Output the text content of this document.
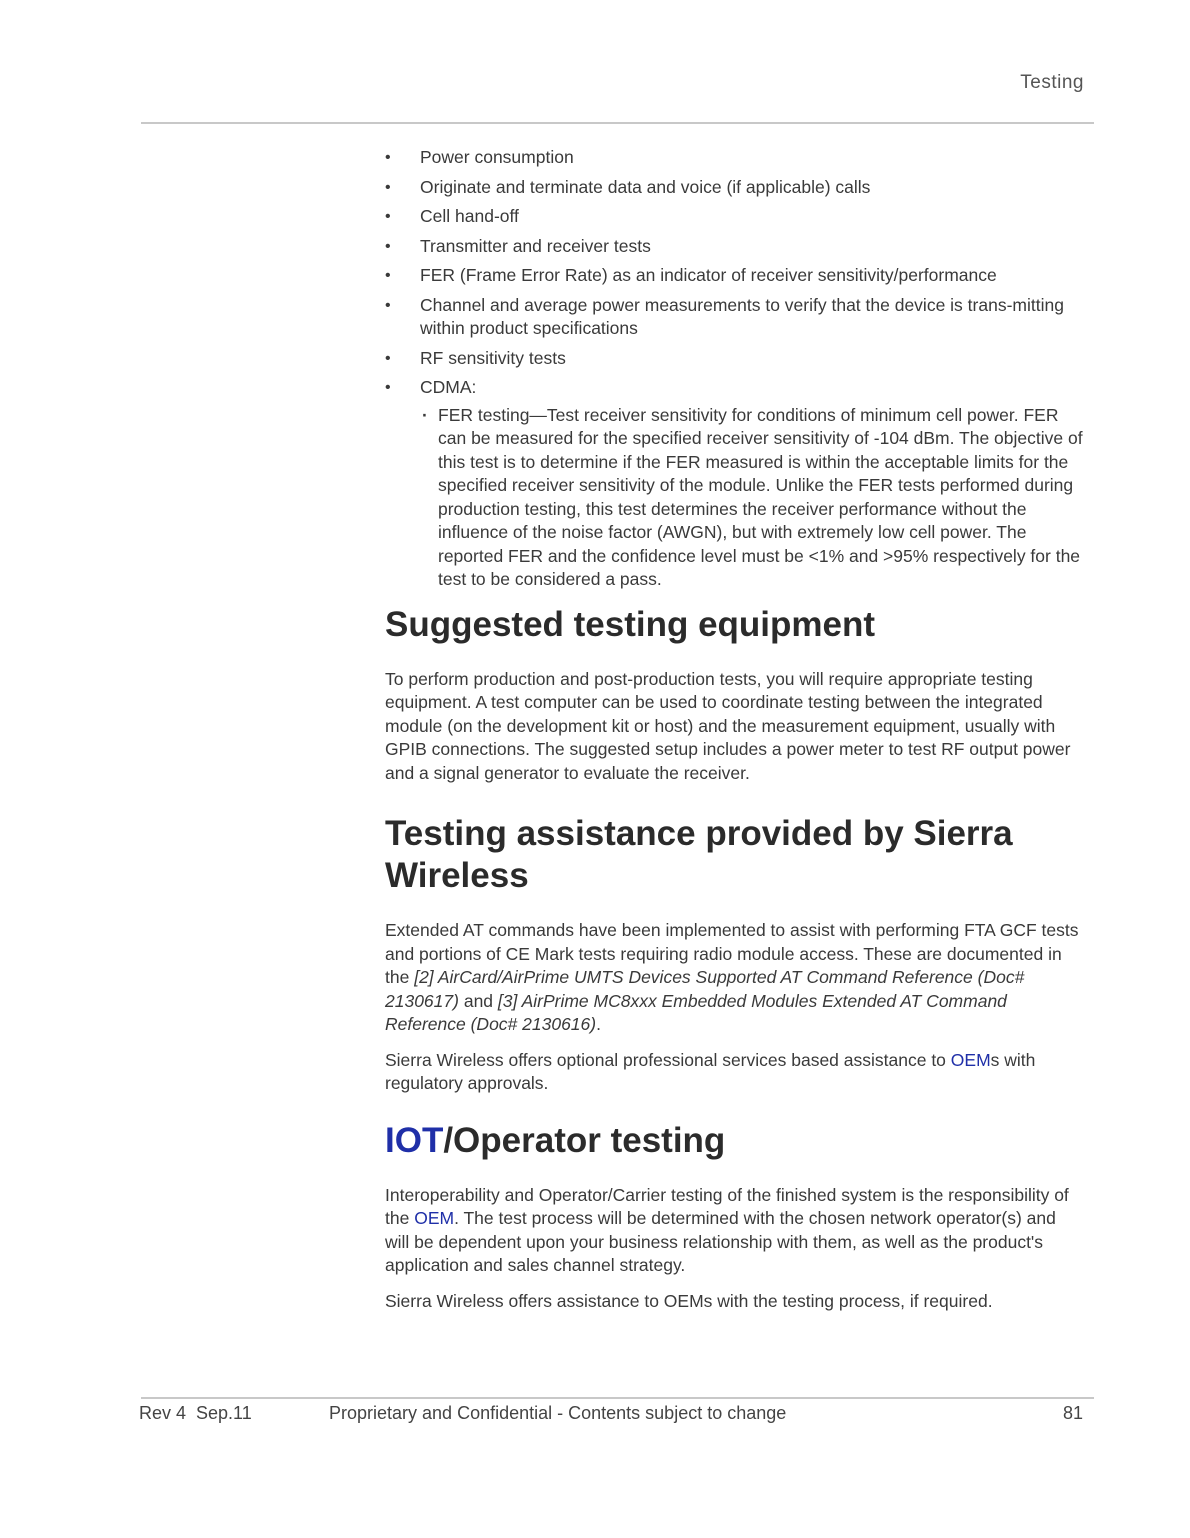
Testing
• Power consumption
• Originate and terminate data and voice (if applicable) calls
• Cell hand-off
• Transmitter and receiver tests
• FER (Frame Error Rate) as an indicator of receiver sensitivity/performance
• Channel and average power measurements to verify that the device is trans-mitting within product specifications
• RF sensitivity tests
• CDMA:
· FER testing—Test receiver sensitivity for conditions of minimum cell power. FER can be measured for the specified receiver sensitivity of -104 dBm. The objective of this test is to determine if the FER measured is within the acceptable limits for the specified receiver sensitivity of the module. Unlike the FER tests performed during production testing, this test determines the receiver performance without the influence of the noise factor (AWGN), but with extremely low cell power. The reported FER and the confidence level must be <1% and >95% respectively for the test to be considered a pass.
Suggested testing equipment

To perform production and post-production tests, you will require appropriate testing equipment. A test computer can be used to coordinate testing between the integrated module (on the development kit or host) and the measurement equipment, usually with GPIB connections. The suggested setup includes a power meter to test RF output power and a signal generator to evaluate the receiver.

Testing assistance provided by Sierra Wireless

Extended AT commands have been implemented to assist with performing FTA GCF tests and portions of CE Mark tests requiring radio module access. These are documented in the [2] AirCard/AirPrime UMTS Devices Supported AT Command Reference (Doc# 2130617) and [3] AirPrime MC8xxx Embedded Modules Extended AT Command Reference (Doc# 2130616).

Sierra Wireless offers optional professional services based assistance to OEMs with regulatory approvals.

IOT/Operator testing

Interoperability and Operator/Carrier testing of the finished system is the responsibility of the OEM. The test process will be determined with the chosen network operator(s) and will be dependent upon your business relationship with them, as well as the product's application and sales channel strategy.

Sierra Wireless offers assistance to OEMs with the testing process, if required.

Rev 4  Sep.11	Proprietary and Confidential - Contents subject to change	81
